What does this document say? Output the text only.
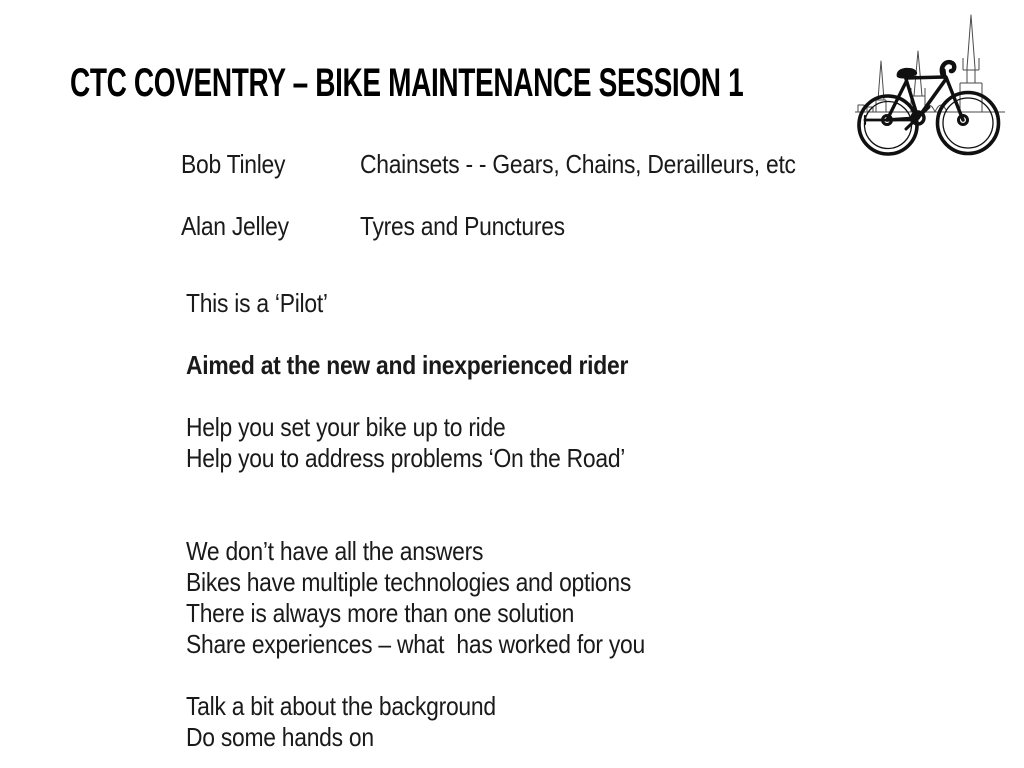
CTC COVENTRY – BIKE MAINTENANCE SESSION 1
Bob Tinley	Chainsets - - Gears, Chains, Derailleurs, etc
Alan Jelley	Tyres and Punctures
This is a ‘Pilot’
Aimed at the new and inexperienced rider
Help you set your bike up to ride
Help you to address problems ‘On the Road’
We don’t have all the answers
Bikes have multiple technologies and options
There is always more than one solution
Share experiences – what  has worked for you
Talk a bit about the background
Do some hands on
